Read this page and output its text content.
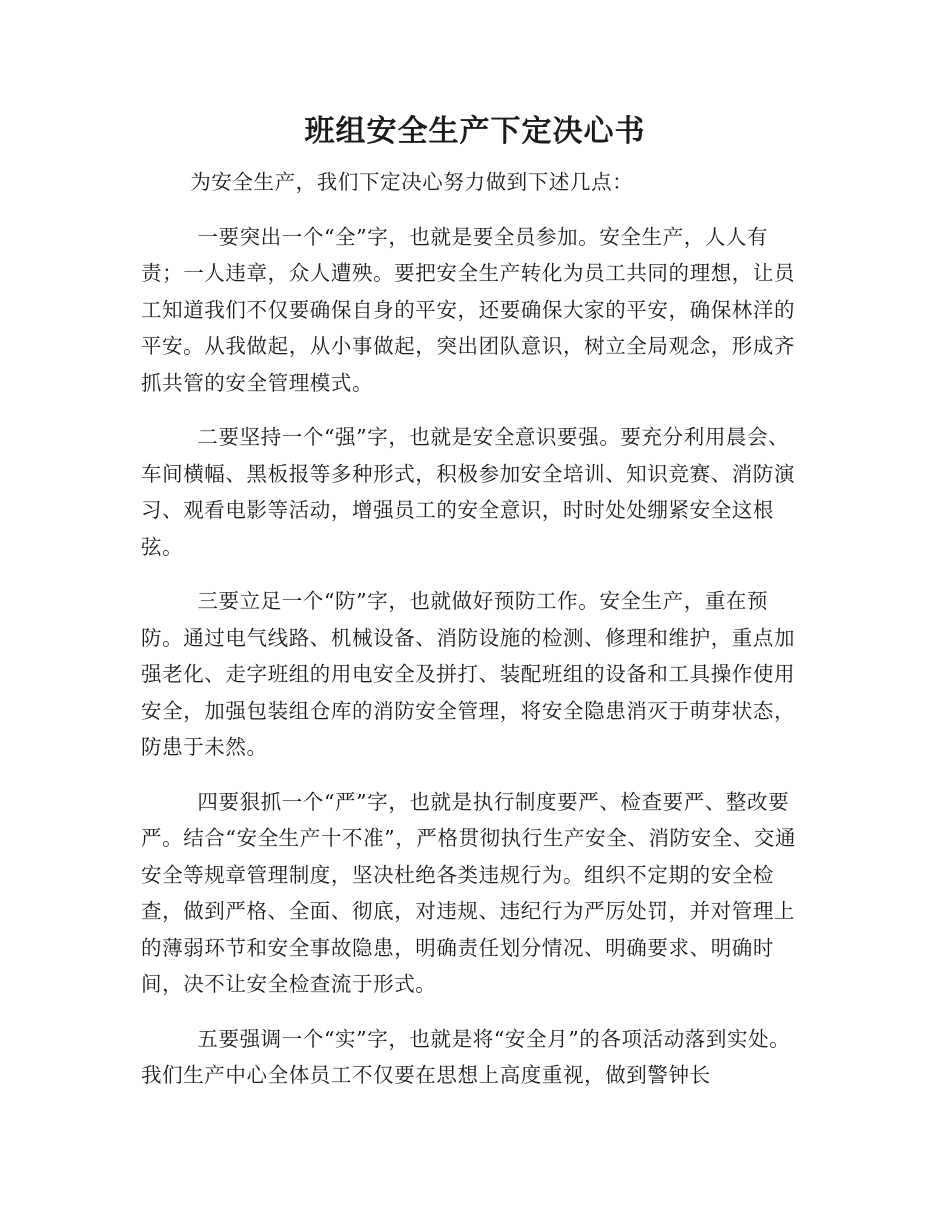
班组安全生产下定决心书

为安全生产，我们下定决心努力做到下述几点：

一要突出一个“全”字，也就是要全员参加。安全生产，人人有责；一人违章，众人遭殃。要把安全生产转化为员工共同的理想，让员工知道我们不仅要确保自身的平安，还要确保大家的平安，确保林洋的平安。从我做起，从小事做起，突出团队意识，树立全局观念，形成齐抓共管的安全管理模式。

二要坚持一个“强”字，也就是安全意识要强。要充分利用晨会、车间横幅、黑板报等多种形式，积极参加安全培训、知识竞赛、消防演习、观看电影等活动，增强员工的安全意识，时时处处绷紧安全这根弦。

三要立足一个“防”字，也就做好预防工作。安全生产，重在预防。通过电气线路、机械设备、消防设施的检测、修理和维护，重点加强老化、走字班组的用电安全及拼打、装配班组的设备和工具操作使用安全，加强包装组仓库的消防安全管理，将安全隐患消灭于萌芽状态，防患于未然。

四要狠抓一个“严”字，也就是执行制度要严、检查要严、整改要严。结合“安全生产十不准”，严格贯彻执行生产安全、消防安全、交通安全等规章管理制度，坚决杜绝各类违规行为。组织不定期的安全检查，做到严格、全面、彻底，对违规、违纪行为严厉处罚，并对管理上的薄弱环节和安全事故隐患，明确责任划分情况、明确要求、明确时间，决不让安全检查流于形式。

五要强调一个“实”字，也就是将“安全月”的各项活动落到实处。我们生产中心全体员工不仅要在思想上高度重视，做到警钟长
